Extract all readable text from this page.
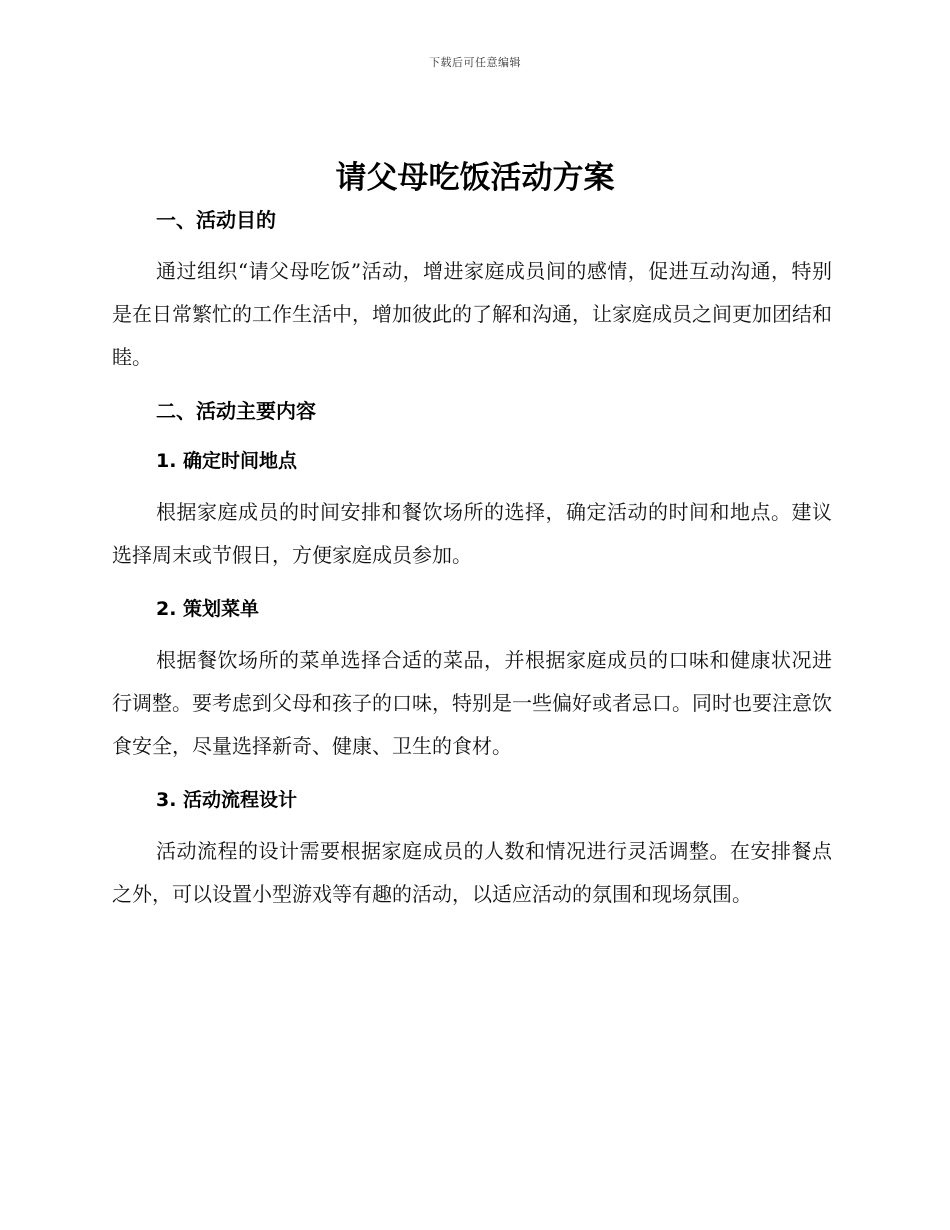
下载后可任意编辑
请父母吃饭活动方案
一、活动目的

通过组织“请父母吃饭”活动，增进家庭成员间的感情，促进互动沟通，特别是在日常繁忙的工作生活中，增加彼此的了解和沟通，让家庭成员之间更加团结和睦。

二、活动主要内容
1. 确定时间地点

根据家庭成员的时间安排和餐饮场所的选择，确定活动的时间和地点。建议选择周末或节假日，方便家庭成员参加。

2. 策划菜单

根据餐饮场所的菜单选择合适的菜品，并根据家庭成员的口味和健康状况进行调整。要考虑到父母和孩子的口味，特别是一些偏好或者忌口。同时也要注意饮食安全，尽量选择新奇、健康、卫生的食材。

3. 活动流程设计

活动流程的设计需要根据家庭成员的人数和情况进行灵活调整。在安排餐点之外，可以设置小型游戏等有趣的活动，以适应活动的氛围和现场氛围。
